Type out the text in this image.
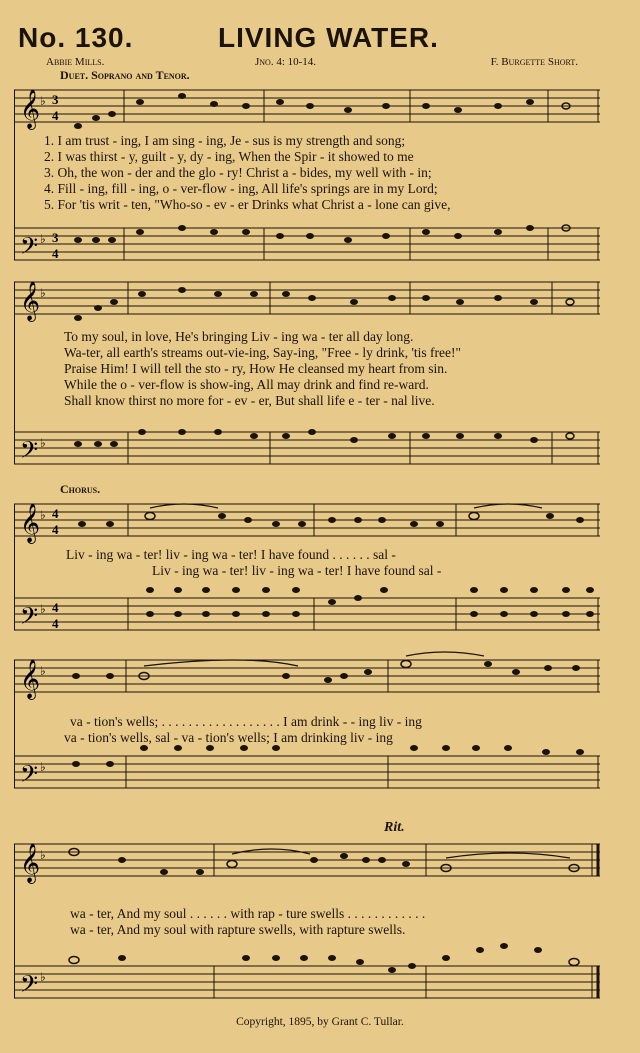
No. 130.	LIVING WATER.
Abbie Mills.	Jno. 4: 10-14.	F. Burgette Short.
Duet. Soprano and Tenor.
𝄞 ♭ 3
4
𝄢 ♭ 3
4
1. I am trust - ing, I am sing - ing, Je - sus is my strength and song;
2. I was thirst - y, guilt - y, dy - ing, When the Spir - it showed to me
3. Oh, the won - der and the glo - ry! Christ a - bides, my well with - in;
4. Fill - ing, fill - ing, o - ver-flow - ing, All life's springs are in my Lord;
5. For 'tis writ - ten, "Who-so - ev - er Drinks what Christ a - lone can give,
𝄞 ♭
𝄢 ♭
To my soul, in love, He's bringing Liv - ing wa - ter all day long.
Wa-ter, all earth's streams out-vie-ing, Say-ing, "Free - ly drink, 'tis free!"
Praise Him! I will tell the sto - ry, How He cleansed my heart from sin.
While the o - ver-flow is show-ing, All may drink and find re-ward.
Shall know thirst no more for - ev - er, But shall life e - ter - nal live.
Chorus.
𝄞 ♭ 4
4
𝄢 ♭ 4
4
Liv - ing wa - ter! liv - ing wa - ter! I have found . . . . . . sal -
Liv - ing wa - ter! liv - ing wa - ter! I have found sal -
𝄞 ♭
𝄢 ♭
va - tion's wells; . . . . . . . . . . . . . . . . . . I am drink - - ing liv - ing
va - tion's wells, sal - va - tion's wells; I am drinking liv - ing
Rit.
𝄞 ♭
𝄢 ♭
wa - ter, And my soul . . . . . . with rap - ture swells . . . . . . . . . . . .
wa - ter, And my soul with rapture swells, with rapture swells.
Copyright, 1895, by Grant C. Tullar.
